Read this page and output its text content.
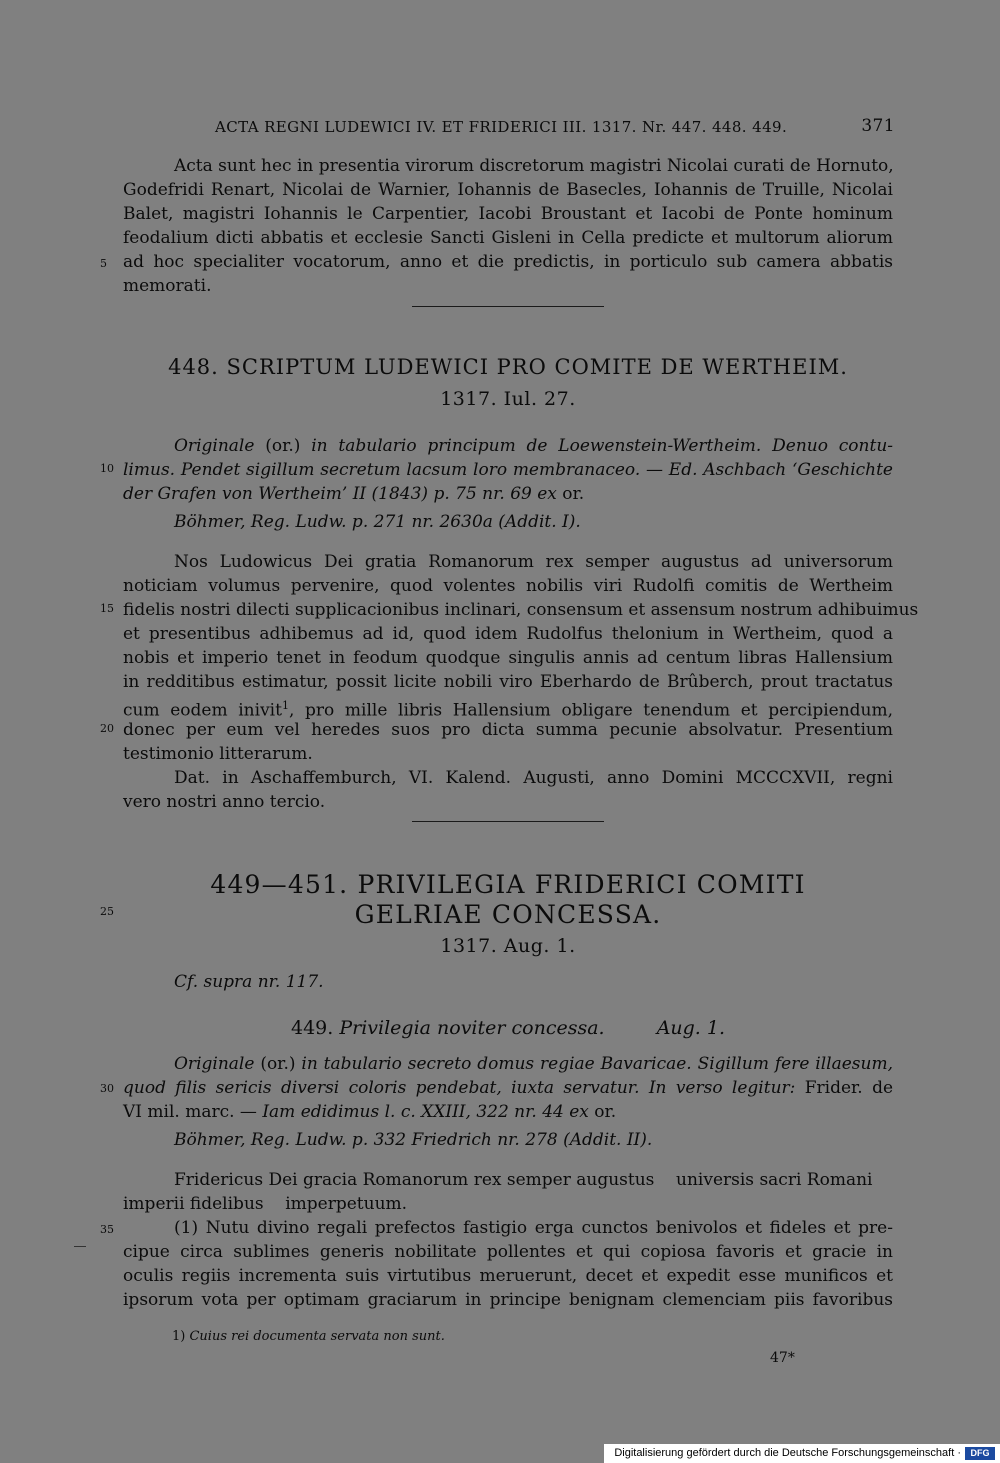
ACTA REGNI LUDEWICI IV. ET FRIDERICI III. 1317. Nr. 447. 448. 449.	371
5
10
15
20
25
30
35
Acta sunt hec in presentia virorum discretorum magistri Nicolai curati de Hornuto,
Godefridi Renart, Nicolai de Warnier, Iohannis de Basecles, Iohannis de Truille, Nicolai
Balet, magistri Iohannis le Carpentier, Iacobi Broustant et Iacobi de Ponte hominum
feodalium dicti abbatis et ecclesie Sancti Gisleni in Cella predicte et multorum aliorum
ad hoc specialiter vocatorum, anno et die predictis, in porticulo sub camera abbatis
memorati.
448. SCRIPTUM LUDEWICI PRO COMITE DE WERTHEIM.
1317. Iul. 27.
Originale (or.) in tabulario principum de Loewenstein-Wertheim. Denuo contu-
limus. Pendet sigillum secretum lacsum loro membranaceo. — Ed. Aschbach ‘Geschichte
der Grafen von Wertheim’ II (1843) p. 75 nr. 69 ex or.
Böhmer, Reg. Ludw. p. 271 nr. 2630a (Addit. I).
Nos Ludowicus Dei gratia Romanorum rex semper augustus ad universorum
noticiam volumus pervenire, quod volentes nobilis viri Rudolfi comitis de Wertheim
fidelis nostri dilecti supplicacionibus inclinari, consensum et assensum nostrum adhibuimus
et presentibus adhibemus ad id, quod idem Rudolfus thelonium in Wertheim, quod a
nobis et imperio tenet in feodum quodque singulis annis ad centum libras Hallensium
in redditibus estimatur, possit licite nobili viro Eberhardo de Brûberch, prout tractatus
cum eodem inivit$^1$, pro mille libris Hallensium obligare tenendum et percipiendum,
donec per eum vel heredes suos pro dicta summa pecunie absolvatur. Presentium
testimonio litterarum.
Dat. in Aschaffemburch, VI. Kalend. Augusti, anno Domini MCCCXVII, regni
vero nostri anno tercio.
449—451. PRIVILEGIA FRIDERICI COMITI
GELRIAE CONCESSA.
1317. Aug. 1.
Cf. supra nr. 117.
449. Privilegia noviter concessa.	Aug. 1.
Originale (or.) in tabulario secreto domus regiae Bavaricae. Sigillum fere illaesum,
quod filis sericis diversi coloris pendebat, iuxta servatur. In verso legitur: Frider. de
VI mil. marc. — Iam edidimus l. c. XXIII, 322 nr. 44 ex or.
Böhmer, Reg. Ludw. p. 332 Friedrich nr. 278 (Addit. II).
Fridericus Dei gracia Romanorum rex semper augustus    universis sacri Romani
imperii fidelibus    imperpetuum.
(1) Nutu divino regali prefectos fastigio erga cunctos benivolos et fideles et pre-
cipue circa sublimes generis nobilitate pollentes et qui copiosa favoris et gracie in
oculis regiis incrementa suis virtutibus meruerunt, decet et expedit esse munificos et
ipsorum vota per optimam graciarum in principe benignam clemenciam piis favoribus
1) Cuius rei documenta servata non sunt.
47*
Digitalisierung gefördert durch die Deutsche Forschungsgemeinschaft · DFG
